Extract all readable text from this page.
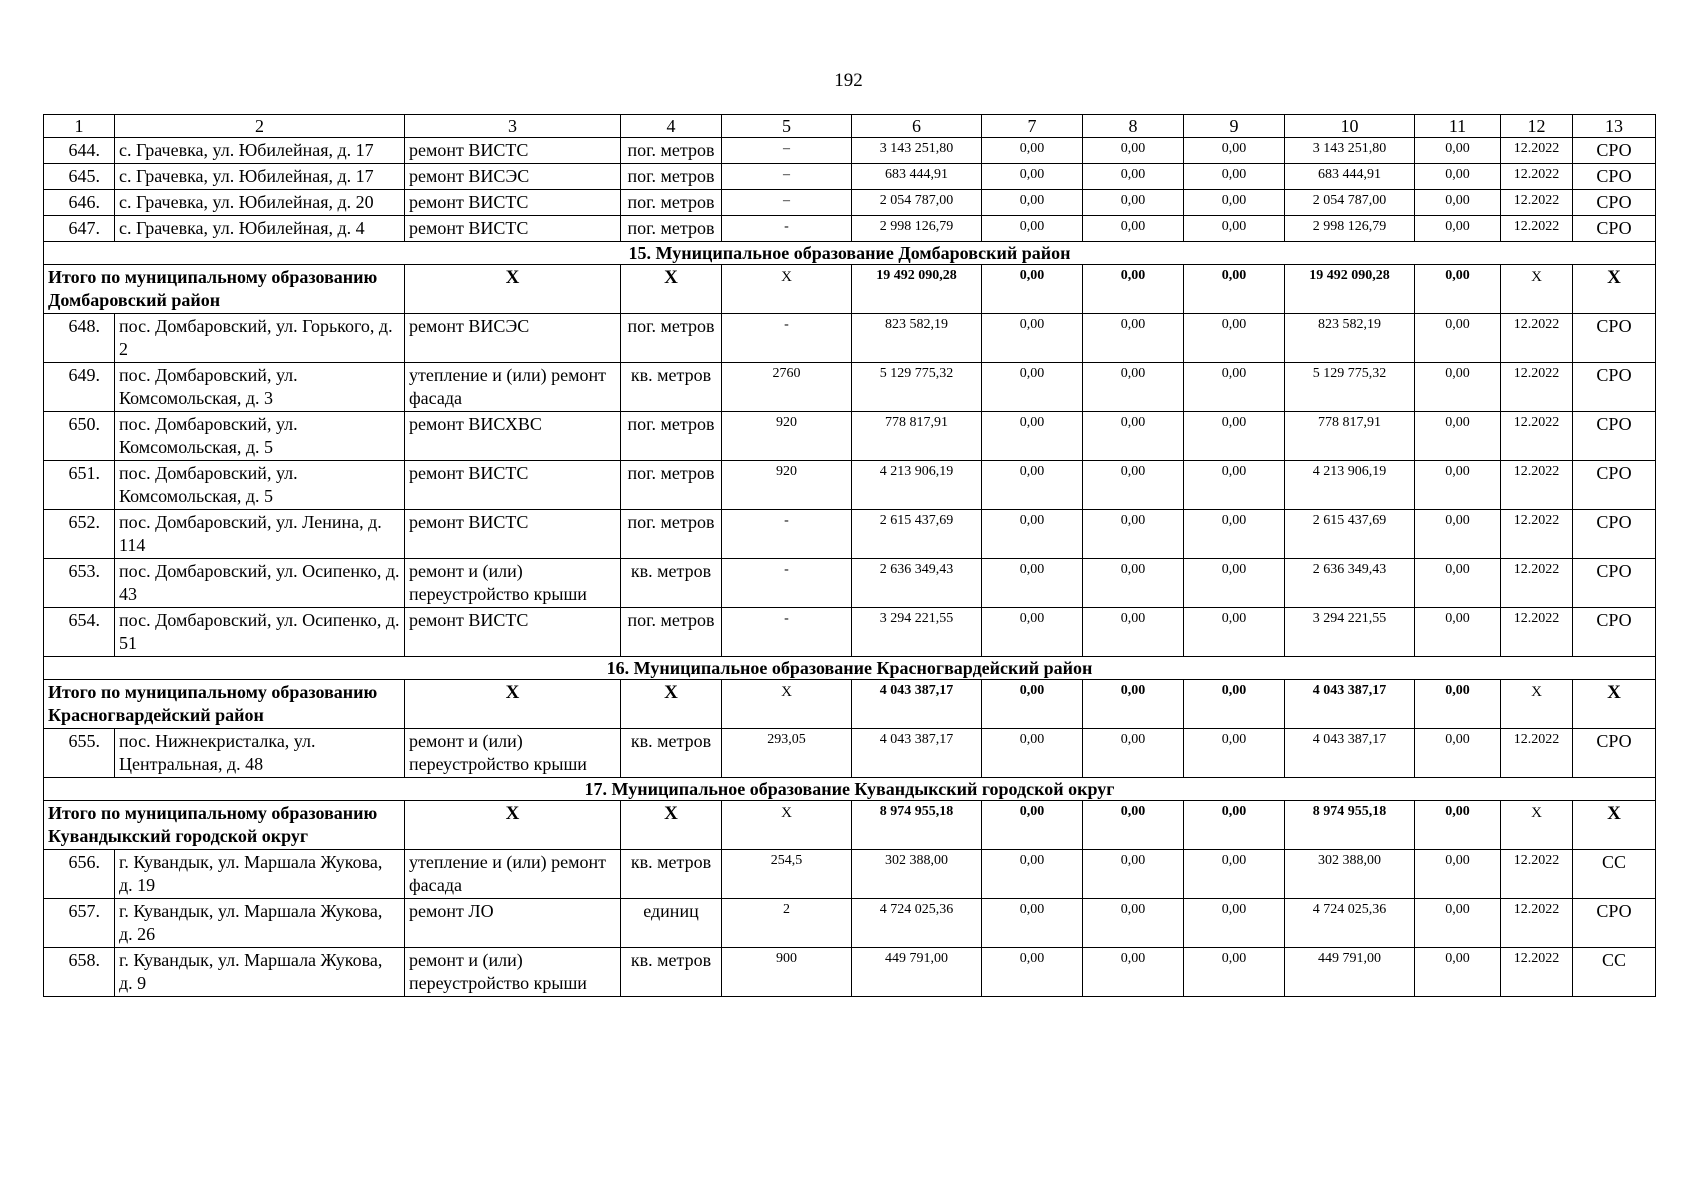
192
1	2	3	4	5	6	7	8	9	10	11	12	13
644.	с. Грачевка, ул. Юбилейная, д. 17	ремонт ВИСТС	пог. метров	–	3 143 251,80	0,00	0,00	0,00	3 143 251,80	0,00	12.2022	СРО
645.	с. Грачевка, ул. Юбилейная, д. 17	ремонт ВИСЭС	пог. метров	–	683 444,91	0,00	0,00	0,00	683 444,91	0,00	12.2022	СРО
646.	с. Грачевка, ул. Юбилейная, д. 20	ремонт ВИСТС	пог. метров	–	2 054 787,00	0,00	0,00	0,00	2 054 787,00	0,00	12.2022	СРО
647.	с. Грачевка, ул. Юбилейная, д. 4	ремонт ВИСТС	пог. метров	-	2 998 126,79	0,00	0,00	0,00	2 998 126,79	0,00	12.2022	СРО
15. Муниципальное образование Домбаровский район												
Итого по муниципальному образованию Домбаровский район		Х	Х	Х	19 492 090,28	0,00	0,00	0,00	19 492 090,28	0,00	Х	Х
648.	пос. Домбаровский, ул. Горького, д. 2	ремонт ВИСЭС	пог. метров	-	823 582,19	0,00	0,00	0,00	823 582,19	0,00	12.2022	СРО
649.	пос. Домбаровский, ул. Комсомольская, д. 3	утепление и (или) ремонт фасада	кв. метров	2760	5 129 775,32	0,00	0,00	0,00	5 129 775,32	0,00	12.2022	СРО
650.	пос. Домбаровский, ул. Комсомольская, д. 5	ремонт ВИСХВС	пог. метров	920	778 817,91	0,00	0,00	0,00	778 817,91	0,00	12.2022	СРО
651.	пос. Домбаровский, ул. Комсомольская, д. 5	ремонт ВИСТС	пог. метров	920	4 213 906,19	0,00	0,00	0,00	4 213 906,19	0,00	12.2022	СРО
652.	пос. Домбаровский, ул. Ленина, д. 114	ремонт ВИСТС	пог. метров	-	2 615 437,69	0,00	0,00	0,00	2 615 437,69	0,00	12.2022	СРО
653.	пос. Домбаровский, ул. Осипенко, д. 43	ремонт и (или) переустройство крыши	кв. метров	-	2 636 349,43	0,00	0,00	0,00	2 636 349,43	0,00	12.2022	СРО
654.	пос. Домбаровский, ул. Осипенко, д. 51	ремонт ВИСТС	пог. метров	-	3 294 221,55	0,00	0,00	0,00	3 294 221,55	0,00	12.2022	СРО
16. Муниципальное образование Красногвардейский район												
Итого по муниципальному образованию Красногвардейский район		Х	Х	Х	4 043 387,17	0,00	0,00	0,00	4 043 387,17	0,00	Х	Х
655.	пос. Нижнекристалка, ул. Центральная, д. 48	ремонт и (или) переустройство крыши	кв. метров	293,05	4 043 387,17	0,00	0,00	0,00	4 043 387,17	0,00	12.2022	СРО
17. Муниципальное образование Кувандыкский городской округ												
Итого по муниципальному образованию Кувандыкский городской округ		Х	Х	Х	8 974 955,18	0,00	0,00	0,00	8 974 955,18	0,00	Х	Х
656.	г. Кувандык, ул. Маршала Жукова, д. 19	утепление и (или) ремонт фасада	кв. метров	254,5	302 388,00	0,00	0,00	0,00	302 388,00	0,00	12.2022	СС
657.	г. Кувандык, ул. Маршала Жукова, д. 26	ремонт ЛО	единиц	2	4 724 025,36	0,00	0,00	0,00	4 724 025,36	0,00	12.2022	СРО
658.	г. Кувандык, ул. Маршала Жукова, д. 9	ремонт и (или) переустройство крыши	кв. метров	900	449 791,00	0,00	0,00	0,00	449 791,00	0,00	12.2022	СС
